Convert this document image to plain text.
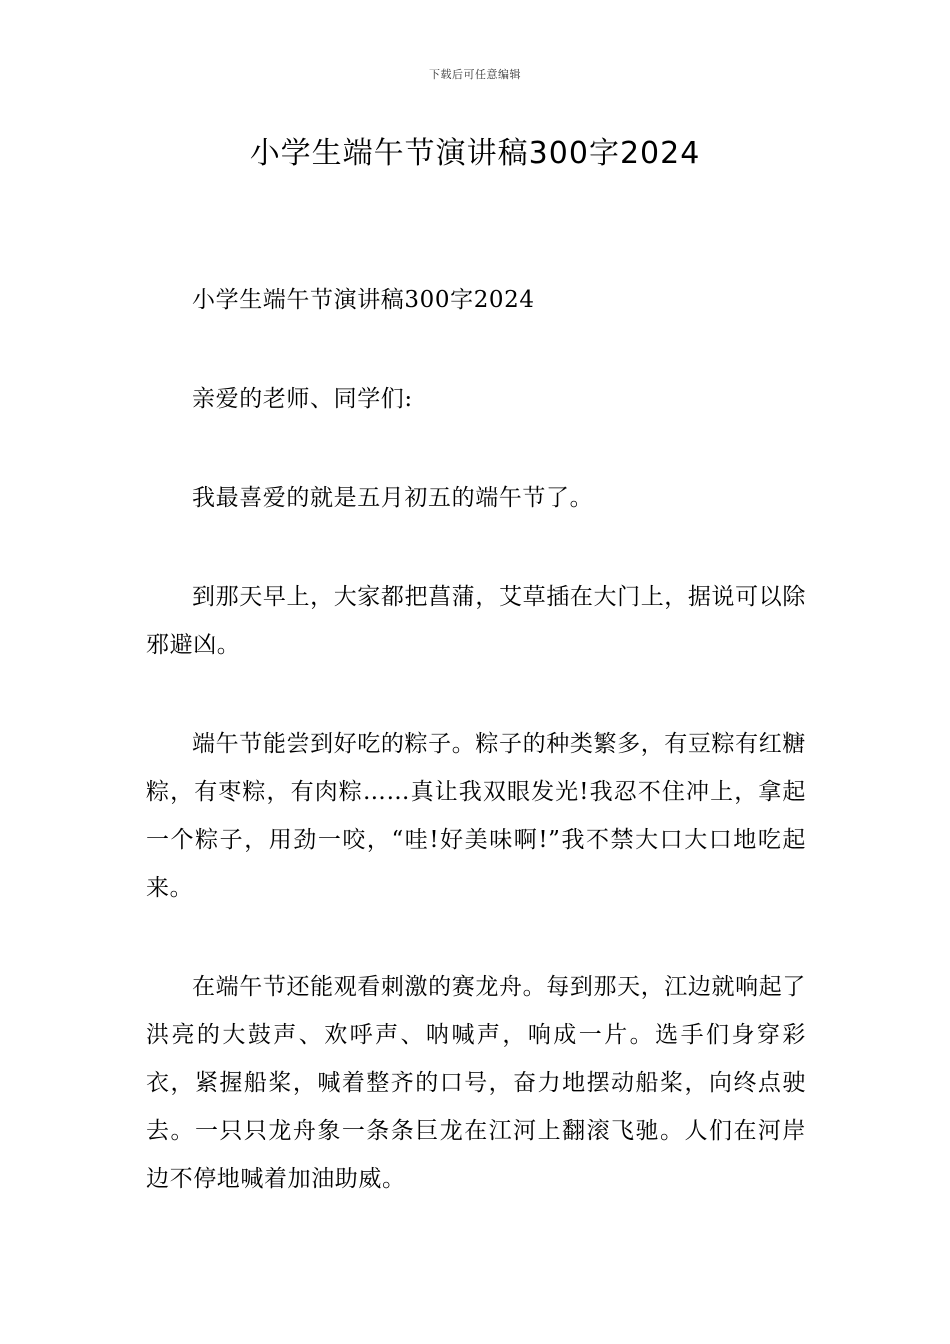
下载后可任意编辑
小学生端午节演讲稿300字2024

小学生端午节演讲稿300字2024

亲爱的老师、同学们:

我最喜爱的就是五月初五的端午节了。

到那天早上，大家都把菖蒲，艾草插在大门上，据说可以除邪避凶。

端午节能尝到好吃的粽子。粽子的种类繁多，有豆粽有红糖粽，有枣粽，有肉粽……真让我双眼发光!我忍不住冲上，拿起一个粽子，用劲一咬，“哇!好美味啊!”我不禁大口大口地吃起来。

在端午节还能观看刺激的赛龙舟。每到那天，江边就响起了洪亮的大鼓声、欢呼声、呐喊声，响成一片。选手们身穿彩衣，紧握船桨，喊着整齐的口号，奋力地摆动船桨，向终点驶去。一只只龙舟象一条条巨龙在江河上翻滚飞驰。人们在河岸边不停地喊着加油助威。
